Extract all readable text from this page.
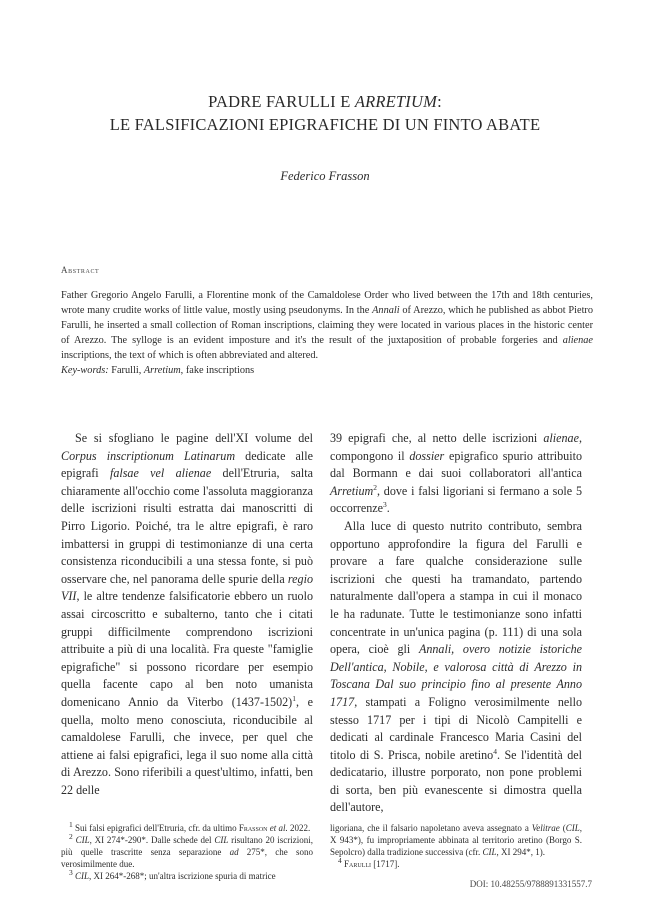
PADRE FARULLI E ARRETIUM:
LE FALSIFICAZIONI EPIGRAFICHE DI UN FINTO ABATE
Federico Frasson
Abstract

Father Gregorio Angelo Farulli, a Florentine monk of the Camaldolese Order who lived between the 17th and 18th centuries, wrote many crudite works of little value, mostly using pseudonyms. In the Annali of Arezzo, which he published as abbot Pietro Farulli, he inserted a small collection of Roman inscriptions, claiming they were located in various places in the historic center of Arezzo. The sylloge is an evident imposture and it's the result of the juxtaposition of probable forgeries and alienae inscriptions, the text of which is often abbreviated and altered.

Key-words: Farulli, Arretium, fake inscriptions

Se si sfogliano le pagine dell'XI volume del Corpus inscriptionum Latinarum dedicate alle epigrafi falsae vel alienae dell'Etruria, salta chiaramente all'occhio come l'assoluta maggioranza delle iscrizioni risulti estratta dai manoscritti di Pirro Ligorio. Poiché, tra le altre epigrafi, è raro imbattersi in gruppi di testimonianze di una certa consistenza riconducibili a una stessa fonte, si può osservare che, nel panorama delle spurie della regio VII, le altre tendenze falsificatorie ebbero un ruolo assai circoscritto e subalterno, tanto che i citati gruppi difficilmente comprendono iscrizioni attribuite a più di una località. Fra queste "famiglie epigrafiche" si possono ricordare per esempio quella facente capo al ben noto umanista domenicano Annio da Viterbo (1437-1502)$^1$, e quella, molto meno conosciuta, riconducibile al camaldolese Farulli, che invece, per quel che attiene ai falsi epigrafici, lega il suo nome alla città di Arezzo. Sono riferibili a quest'ultimo, infatti, ben 22 delle

39 epigrafi che, al netto delle iscrizioni alienae, compongono il dossier epigrafico spurio attribuito dal Bormann e dai suoi collaboratori all'antica Arretium$^2$, dove i falsi ligoriani si fermano a sole 5 occorrenze$^3$.

Alla luce di questo nutrito contributo, sembra opportuno approfondire la figura del Farulli e provare a fare qualche considerazione sulle iscrizioni che questi ha tramandato, partendo naturalmente dall'opera a stampa in cui il monaco le ha radunate. Tutte le testimonianze sono infatti concentrate in un'unica pagina (p. 111) di una sola opera, cioè gli Annali, overo notizie istoriche Dell'antica, Nobile, e valorosa città di Arezzo in Toscana Dal suo principio fino al presente Anno 1717, stampati a Foligno verosimilmente nello stesso 1717 per i tipi di Nicolò Campitelli e dedicati al cardinale Francesco Maria Casini del titolo di S. Prisca, nobile aretino$^4$. Se l'identità del dedicatario, illustre porporato, non pone problemi di sorta, ben più evanescente si dimostra quella dell'autore,

$^1$ Sui falsi epigrafici dell'Etruria, cfr. da ultimo Frasson et al. 2022.

$^2$ CIL, XI 274*-290*. Dalle schede del CIL risultano 20 iscrizioni, più quelle trascritte senza separazione ad 275*, che sono verosimilmente due.

$^3$ CIL, XI 264*-268*; un'altra iscrizione spuria di matrice

ligoriana, che il falsario napoletano aveva assegnato a Velitrae (CIL, X 943*), fu impropriamente abbinata al territorio aretino (Borgo S. Sepolcro) dalla tradizione successiva (cfr. CIL, XI 294*, 1).

$^4$ Farulli [1717].

DOI: 10.48255/9788891331557.7
